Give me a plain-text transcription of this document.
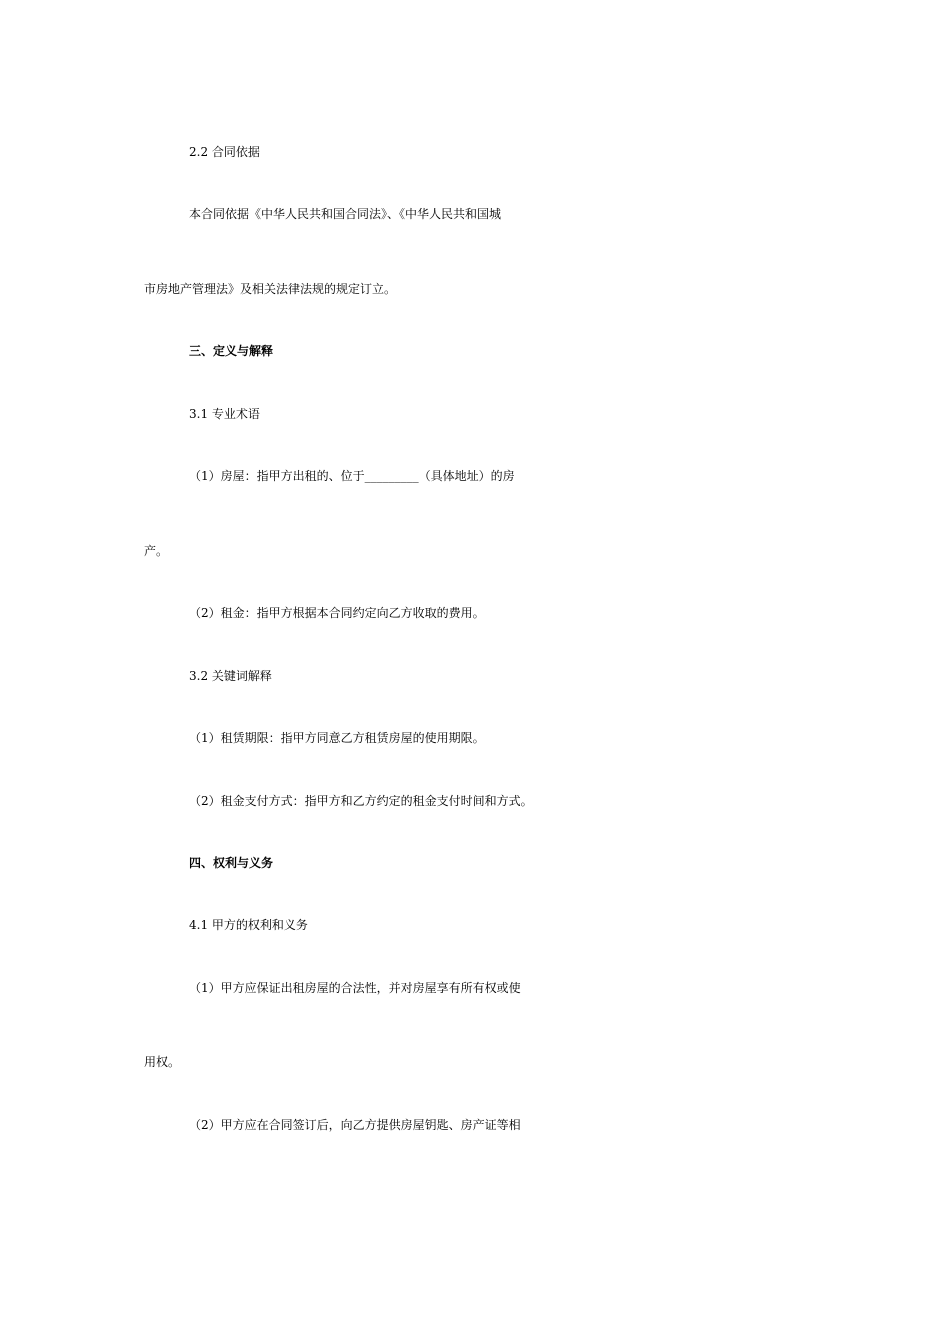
2.2 合同依据
本合同依据《中华人民共和国合同法》、《中华人民共和国城
市房地产管理法》及相关法律法规的规定订立。
三、定义与解释
3.1 专业术语
（1）房屋：指甲方出租的、位于_________（具体地址）的房
产。
（2）租金：指甲方根据本合同约定向乙方收取的费用。
3.2 关键词解释
（1）租赁期限：指甲方同意乙方租赁房屋的使用期限。
（2）租金支付方式：指甲方和乙方约定的租金支付时间和方式。
四、权利与义务
4.1 甲方的权利和义务
（1）甲方应保证出租房屋的合法性，并对房屋享有所有权或使
用权。
（2）甲方应在合同签订后，向乙方提供房屋钥匙、房产证等相
